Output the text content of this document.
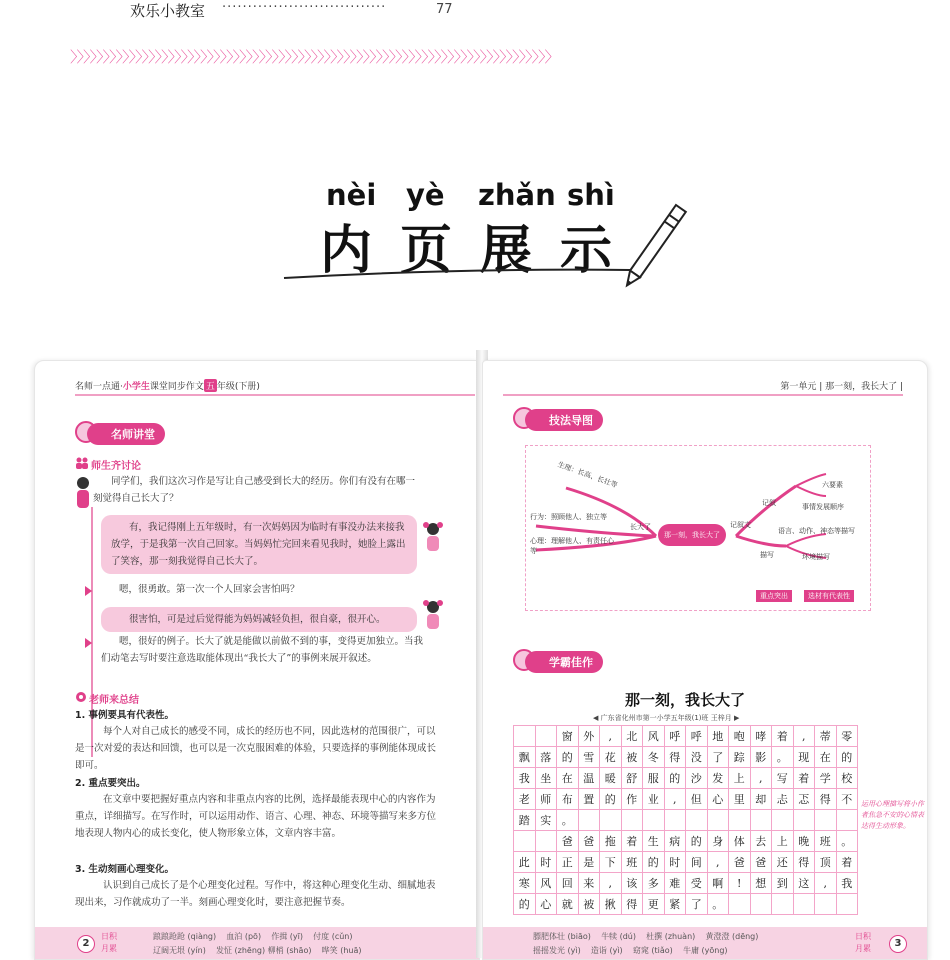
欢乐小教室 ································	77
〉〉〉〉〉〉〉〉〉〉〉〉〉〉〉〉〉〉〉〉〉〉〉〉〉〉〉〉〉〉〉〉〉〉〉〉〉〉〉〉〉〉〉〉〉〉〉〉〉〉〉〉〉〉〉〉〉〉〉〉〉〉〉〉〉〉〉〉〉〉〉〉〉〉
nèi yè zhǎn shì
内 页 展 示
名师一点通·小学生课堂同步作文 五 年级(下册)
名师讲堂
师生齐讨论
同学们，我们这次习作是写让自己感受到长大的经历。你们有没有在哪一刻觉得自己长大了？
有，我记得刚上五年级时，有一次妈妈因为临时有事没办法来接我放学，于是我第一次自己回家。当妈妈忙完回来看见我时，她脸上露出了笑容，那一刻我觉得自己长大了。
嗯，很勇敢。第一次一个人回家会害怕吗？
很害怕，可是过后觉得能为妈妈减轻负担，很自豪，很开心。
嗯，很好的例子。长大了就是能做以前做不到的事，变得更加独立。当我们动笔去写时要注意选取能体现出“我长大了”的事例来展开叙述。
老师来总结
1. 事例要具有代表性。
每个人对自己成长的感受不同，成长的经历也不同，因此选材的范围很广，可以是一次对爱的表达和回馈，也可以是一次克服困难的体验，只要选择的事例能体现成长即可。
2. 重点要突出。
在文章中要把握好重点内容和非重点内容的比例，选择最能表现中心的内容作为重点，详细描写。在写作时，可以运用动作、语言、心理、神态、环境等描写来多方位地表现人物内心的成长变化，使人物形象立体，文章内容丰富。
3. 生动刻画心理变化。
认识到自己成长了是个心理变化过程。写作中，将这种心理变化生动、细腻地表现出来，习作就成功了一半。刻画心理变化时，要注意把握节奏。
2
日积
月累
踉踉跄跄 (qiàng) 血泊 (pō) 作揖 (yī) 付度 (cǔn)
辽阔无垠 (yín) 发怔 (zhēng) 柳梢 (shāo) 哗笑 (huā)
第一单元 | 那一刻，我长大了 |
技法导图
生理：长高、长壮等
行为：照顾他人、独立等
心理：理解他人、有责任心等
长大了
那一刻，我长大了
记叙文
记叙
六要素
事情发展顺序
描写
语言、动作、神态等描写
环境描写
重点突出	选材有代表性
学霸佳作
那一刻，我长大了
◀ 广东省化州市第一小学五年级(1)班 王梓月 ▶
		窗	外	,	北	风	呼	呼	地	咆	哮	着	,	蒂	零
飘	落	的	雪	花	被	冬	得	没	了	踪	影	。	现	在	的
我	坐	在	温	暖	舒	服	的	沙	发	上	,	写	着	学	校
老	师	布	置	的	作	业	,	但	心	里	却	忐	忑	得	不
踏	实	。													
		爸	爸	拖	着	生	病	的	身	体	去	上	晚	班	。
此	时	正	是	下	班	的	时	间	,	爸	爸	还	得	顶	着
寒	风	回	来	,	该	多	难	受	啊	!	想	到	这	,	我
的	心	就	被	揪	得	更	紧	了	。						
运用心理描写将小作者焦急不安的心情表达得生动形象。
膘肥体壮 (biāo) 牛犊 (dú) 杜撰 (zhuàn) 黄澄澄 (dēng)
摇摇发光 (yì) 造诣 (yì) 窈窕 (tiǎo) 牛庸 (yōng)
日积
月累	3
